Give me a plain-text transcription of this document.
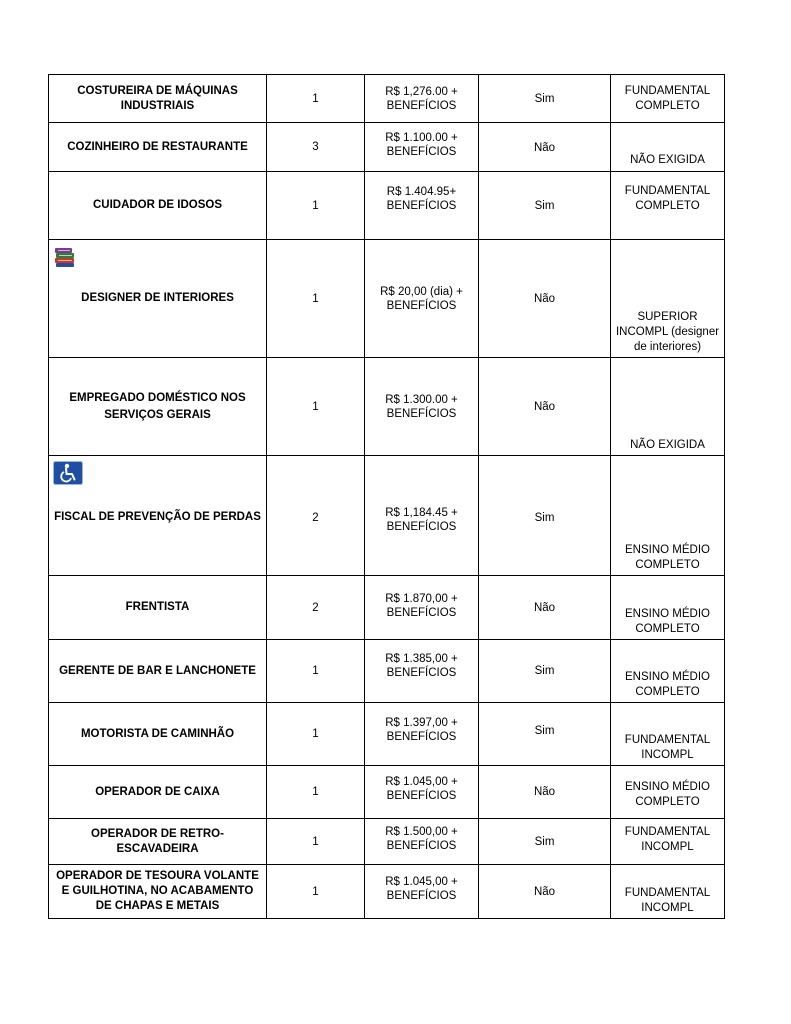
COSTUREIRA DE MÁQUINAS INDUSTRIAIS	1	R$ 1,276.00 + BENEFÍCIOS	Sim	FUNDAMENTAL COMPLETO

COZINHEIRO DE RESTAURANTE	3	R$ 1.100.00 + BENEFÍCIOS	Não	NÃO EXIGIDA

CUIDADOR DE IDOSOS	1	R$ 1.404.95+ BENEFÍCIOS	Sim	FUNDAMENTAL COMPLETO

DESIGNER DE INTERIORES	1	R$ 20,00 (dia) + BENEFÍCIOS	Não	SUPERIOR INCOMPL (designer de interiores)

EMPREGADO DOMÉSTICO NOS SERVIÇOS GERAIS	1	R$ 1.300.00 + BENEFÍCIOS	Não	NÃO EXIGIDA

FISCAL DE PREVENÇÃO DE PERDAS	2	R$ 1,184.45 + BENEFÍCIOS	Sim	ENSINO MÉDIO COMPLETO

FRENTISTA	2	R$ 1.870,00 + BENEFÍCIOS	Não	ENSINO MÉDIO COMPLETO

GERENTE DE BAR E LANCHONETE	1	R$ 1.385,00 + BENEFÍCIOS	Sim	ENSINO MÉDIO COMPLETO

MOTORISTA DE CAMINHÃO	1	R$ 1.397,00 + BENEFÍCIOS	Sim	FUNDAMENTAL INCOMPL

OPERADOR DE CAIXA	1	R$ 1.045,00 + BENEFÍCIOS	Não	ENSINO MÉDIO COMPLETO

OPERADOR DE RETRO-ESCAVADEIRA	1	R$ 1.500,00 + BENEFÍCIOS	Sim	FUNDAMENTAL INCOMPL

OPERADOR DE TESOURA VOLANTE E GUILHOTINA, NO ACABAMENTO DE CHAPAS E METAIS	1	R$ 1.045,00 + BENEFÍCIOS	Não	FUNDAMENTAL INCOMPL
